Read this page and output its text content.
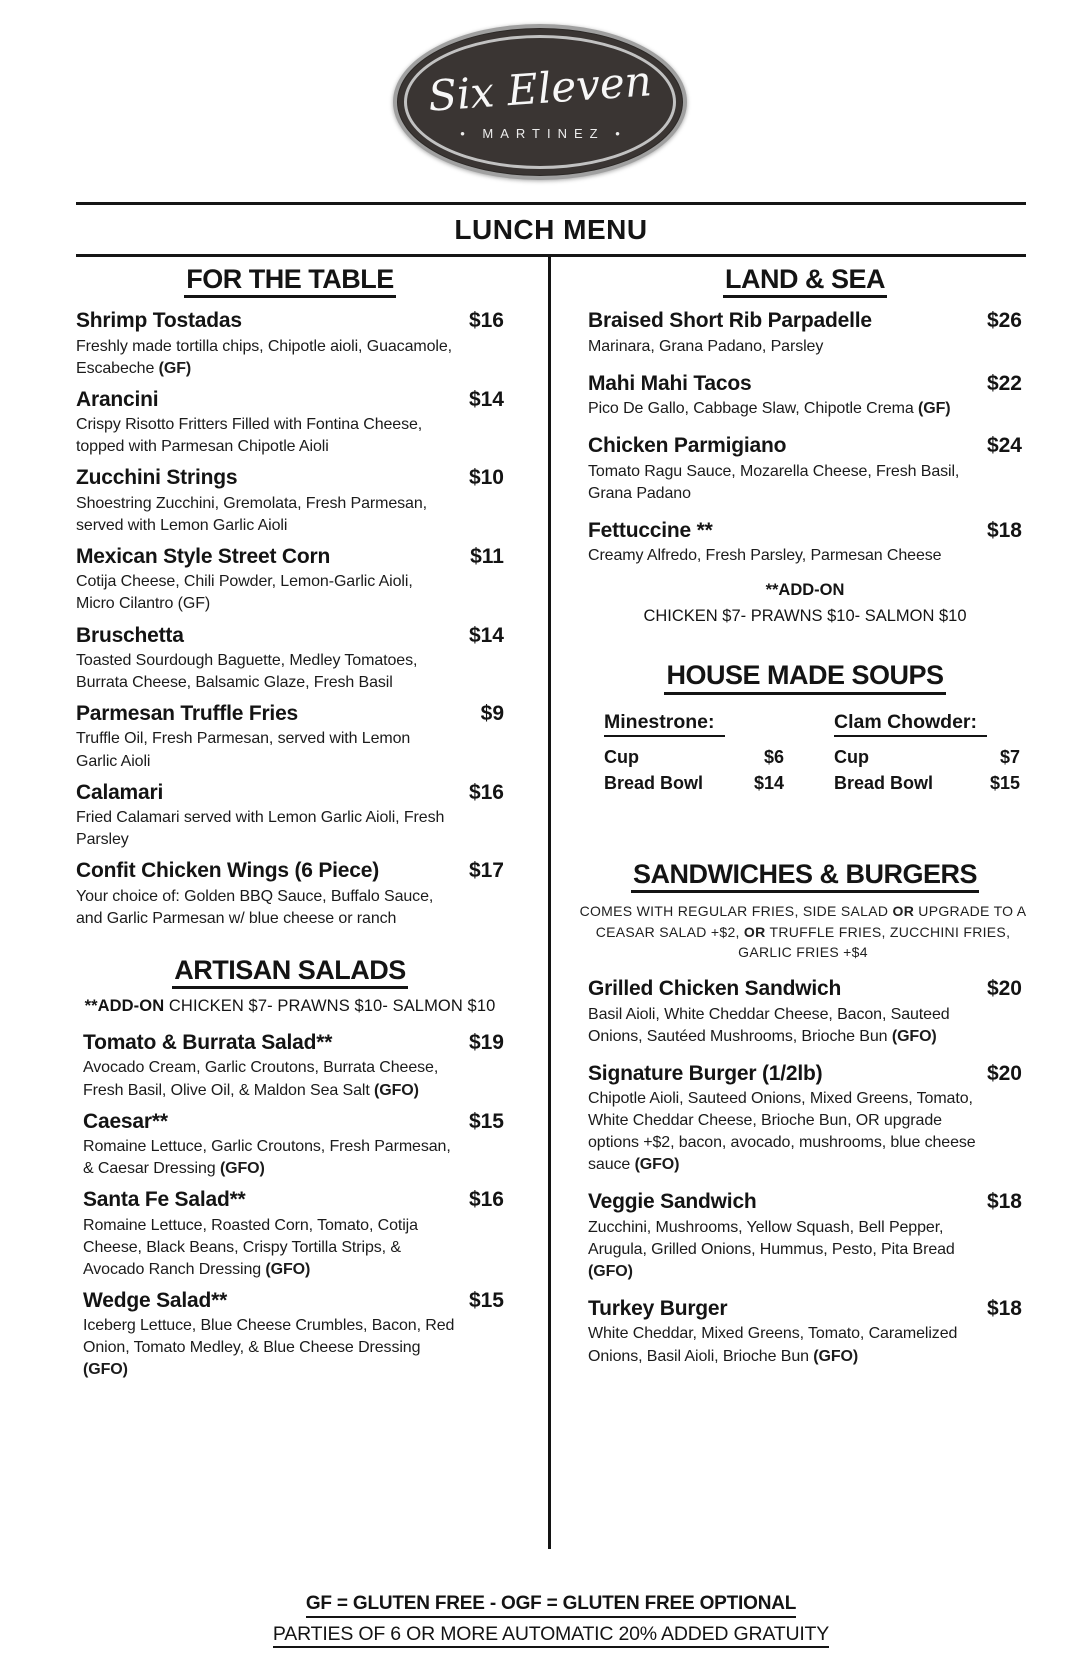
Six Eleven
• MARTINEZ •
LUNCH MENU
FOR THE TABLE
Shrimp Tostadas	$16

Freshly made tortilla chips, Chipotle aioli, Guacamole, Escabeche (GF)

Arancini	$14

Crispy Risotto Fritters Filled with Fontina Cheese, topped with Parmesan Chipotle Aioli

Zucchini Strings	$10

Shoestring Zucchini, Gremolata, Fresh Parmesan, served with Lemon Garlic Aioli

Mexican Style Street Corn	$11

Cotija Cheese, Chili Powder, Lemon-Garlic Aioli, Micro Cilantro (GF)

Bruschetta	$14

Toasted Sourdough Baguette, Medley Tomatoes, Burrata Cheese, Balsamic Glaze, Fresh Basil

Parmesan Truffle Fries	$9

Truffle Oil, Fresh Parmesan, served with Lemon Garlic Aioli

Calamari	$16

Fried Calamari served with Lemon Garlic Aioli, Fresh Parsley

Confit Chicken Wings (6 Piece)	$17

Your choice of: Golden BBQ Sauce, Buffalo Sauce, and Garlic Parmesan w/ blue cheese or ranch

ARTISAN SALADS
**ADD-ON CHICKEN $7- PRAWNS $10- SALMON $10
Tomato & Burrata Salad**	$19

Avocado Cream, Garlic Croutons, Burrata Cheese, Fresh Basil, Olive Oil, & Maldon Sea Salt (GFO)

Caesar**	$15

Romaine Lettuce, Garlic Croutons, Fresh Parmesan, & Caesar Dressing (GFO)

Santa Fe Salad**	$16

Romaine Lettuce, Roasted Corn, Tomato, Cotija Cheese, Black Beans, Crispy Tortilla Strips, & Avocado Ranch Dressing (GFO)

Wedge Salad**	$15

Iceberg Lettuce, Blue Cheese Crumbles, Bacon, Red Onion, Tomato Medley, & Blue Cheese Dressing (GFO)

LAND & SEA
Braised Short Rib Parpadelle	$26

Marinara, Grana Padano, Parsley

Mahi Mahi Tacos	$22

Pico De Gallo, Cabbage Slaw, Chipotle Crema (GF)

Chicken Parmigiano	$24

Tomato Ragu Sauce, Mozarella Cheese, Fresh Basil, Grana Padano

Fettuccine **	$18

Creamy Alfredo, Fresh Parsley, Parmesan Cheese

**ADD-ON
CHICKEN $7- PRAWNS $10- SALMON $10
HOUSE MADE SOUPS
Minestrone:
Cup	$6
Bread Bowl	$14
Clam Chowder:
Cup	$7
Bread Bowl	$15
SANDWICHES & BURGERS

COMES WITH REGULAR FRIES, SIDE SALAD OR UPGRADE TO A CEASAR SALAD +$2, OR TRUFFLE FRIES, ZUCCHINI FRIES, GARLIC FRIES +$4

Grilled Chicken Sandwich	$20

Basil Aioli, White Cheddar Cheese, Bacon, Sauteed Onions, Sautéed Mushrooms, Brioche Bun (GFO)

Signature Burger (1/2lb)	$20

Chipotle Aioli, Sauteed Onions, Mixed Greens, Tomato, White Cheddar Cheese, Brioche Bun, OR upgrade options +$2, bacon, avocado, mushrooms, blue cheese sauce (GFO)

Veggie Sandwich	$18

Zucchini, Mushrooms, Yellow Squash, Bell Pepper, Arugula, Grilled Onions, Hummus, Pesto, Pita Bread (GFO)

Turkey Burger	$18

White Cheddar, Mixed Greens, Tomato, Caramelized Onions, Basil Aioli, Brioche Bun (GFO)

GF = GLUTEN FREE - OGF = GLUTEN FREE OPTIONAL
PARTIES OF 6 OR MORE AUTOMATIC 20% ADDED GRATUITY
